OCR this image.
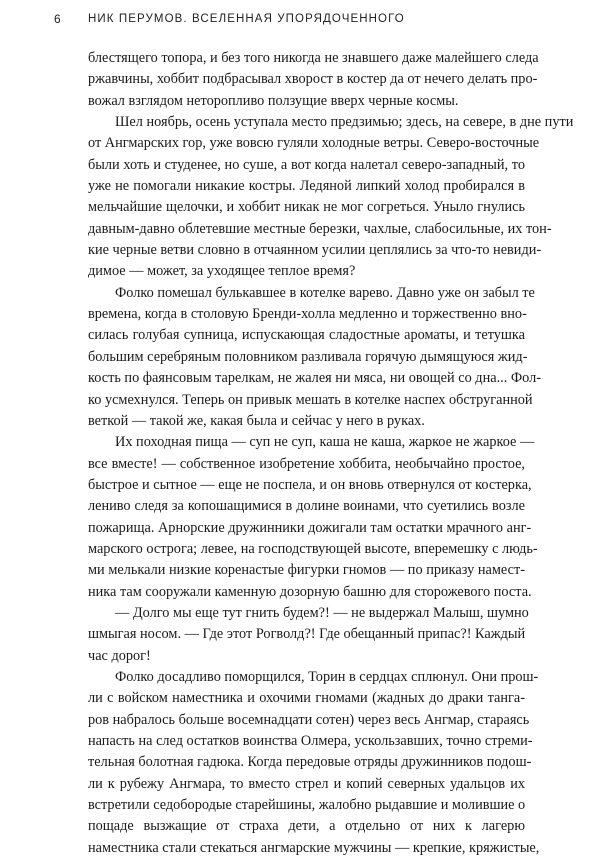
6 НИК ПЕРУМОВ. ВСЕЛЕННАЯ УПОРЯДОЧЕННОГО

блестящего топора, и без того никогда не знавшего даже малейшего следа
ржавчины, хоббит подбрасывал хворост в костер да от нечего делать про-
вожал взглядом неторопливо ползущие вверх черные космы.

Шел ноябрь, осень уступала место предзимью; здесь, на севере, в дне пути
от Ангмарских гор, уже вовсю гуляли холодные ветры. Северо-восточные
были хоть и студенее, но суше, а вот когда налетал северо-западный, то
уже не помогали никакие костры. Ледяной липкий холод пробирался в
мельчайшие щелочки, и хоббит никак не мог согреться. Уныло гнулись
давным-давно облетевшие местные березки, чахлые, слабосильные, их тон-
кие черные ветви словно в отчаянном усилии цеплялись за что-то невиди-
димое — может, за уходящее теплое время?

Фолко помешал булькавшее в котелке варево. Давно уже он забыл те
времена, когда в столовую Бренди-холла медленно и торжественно вно-
силась голубая супница, испускающая сладостные ароматы, и тетушка
большим серебряным половником разливала горячую дымящуюся жид-
кость по фаянсовым тарелкам, не жалея ни мяса, ни овощей со дна... Фол-
ко усмехнулся. Теперь он привык мешать в котелке наспех обструганной
веткой — такой же, какая была и сейчас у него в руках.

Их походная пища — суп не суп, каша не каша, жаркое не жаркое —
все вместе! — собственное изобретение хоббита, необычайно простое,
быстрое и сытное — еще не поспела, и он вновь отвернулся от костерка,
лениво следя за копошащимися в долине воинами, что суетились возле
пожарища. Арнорские дружинники дожигали там остатки мрачного анг-
марского острога; левее, на господствующей высоте, вперемешку с людь-
ми мелькали низкие коренастые фигурки гномов — по приказу намест-
ника там сооружали каменную дозорную башню для сторожевого поста.

— Долго мы еще тут гнить будем?! — не выдержал Малыш, шумно
шмыгая носом. — Где этот Рогволд?! Где обещанный припас?! Каждый
час дорог!

Фолко досадливо поморщился, Торин в сердцах сплюнул. Они прош-
ли с войском наместника и охочими гномами (жадных до драки танга-
ров набралось больше восемнадцати сотен) через весь Ангмар, стараясь
напасть на след остатков воинства Олмера, ускользавших, точно стреми-
тельная болотная гадюка. Когда передовые отряды дружинников подош-
ли к рубежу Ангмара, то вместо стрел и копий северных удальцов их
встретили седобородые старейшины, жалобно рыдавшие и молившие о
пощаде вызжащие от страха дети, а отдельно от них к лагерю
наместника стали стекаться ангмарские мужчины — крепкие, кряжистые,
